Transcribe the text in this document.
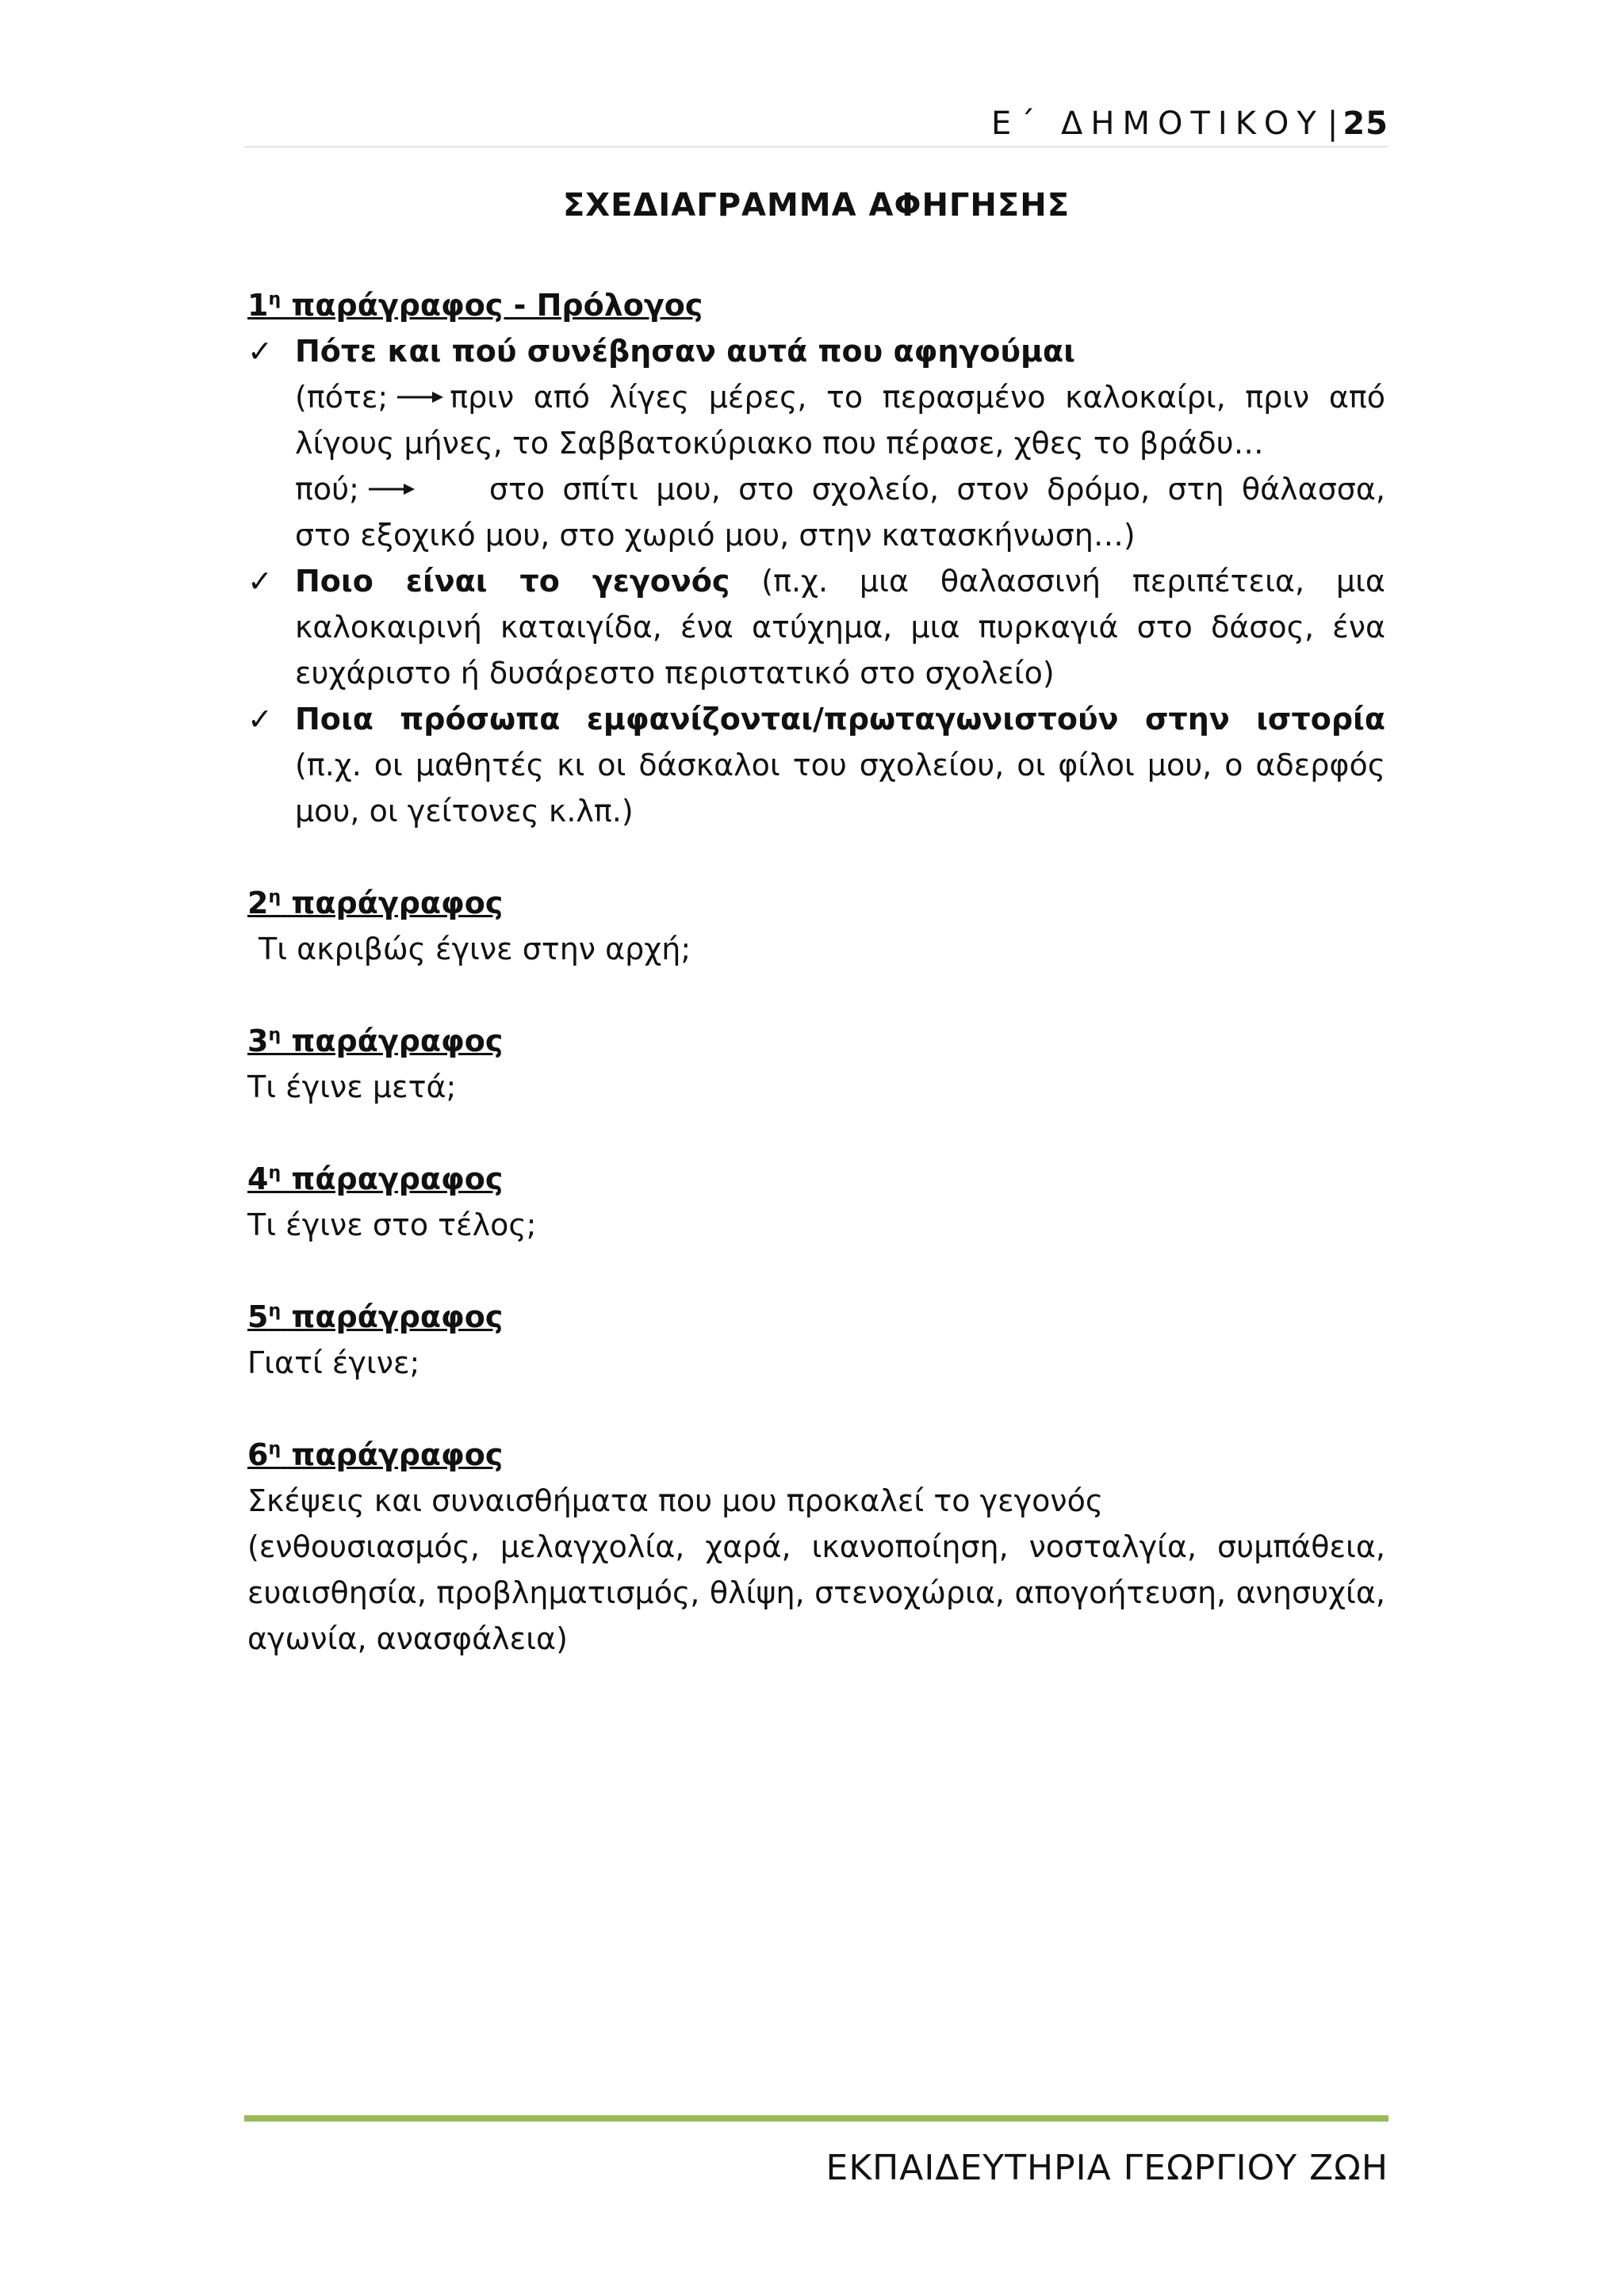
Ε΄ ΔΗΜΟΤΙΚΟΥ | 25
ΣΧΕΔΙΑΓΡΑΜΜΑ ΑΦΗΓΗΣΗΣ
$1^\eta$ παράγραφος - Πρόλογος
✓ Πότε και πού συνέβησαν αυτά που αφηγούμαι
(πότε; πριν από λίγες μέρες, το περασμένο καλοκαίρι, πριν από λίγους μήνες, το Σαββατοκύριακο που πέρασε, χθες το βράδυ…
πού;	στο σπίτι μου, στο σχολείο, στον δρόμο, στη θάλασσα, στο εξοχικό μου, στο χωριό μου, στην κατασκήνωση…)
✓ Ποιο είναι το γεγονός (π.χ. μια θαλασσινή περιπέτεια, μια καλοκαιρινή καταιγίδα, ένα ατύχημα, μια πυρκαγιά στο δάσος, ένα ευχάριστο ή δυσάρεστο περιστατικό στο σχολείο)
✓ Ποια πρόσωπα εμφανίζονται/πρωταγωνιστούν στην ιστορία
(π.χ. οι μαθητές κι οι δάσκαλοι του σχολείου, οι φίλοι μου, ο αδερφός μου, οι γείτονες κ.λπ.)
$2^\eta$ παράγραφος
Τι ακριβώς έγινε στην αρχή;
$3^\eta$ παράγραφος
Τι έγινε μετά;
$4^\eta$ πάραγραφος
Τι έγινε στο τέλος;
$5^\eta$ παράγραφος
Γιατί έγινε;
$6^\eta$ παράγραφος
Σκέψεις και συναισθήματα που μου προκαλεί το γεγονός
(ενθουσιασμός, μελαγχολία, χαρά, ικανοποίηση, νοσταλγία, συμπάθεια, ευαισθησία, προβληματισμός, θλίψη, στενοχώρια, απογοήτευση, ανησυχία, αγωνία, ανασφάλεια)
ΕΚΠΑΙΔΕΥΤΗΡΙΑ ΓΕΩΡΓΙΟΥ ΖΩΗ
